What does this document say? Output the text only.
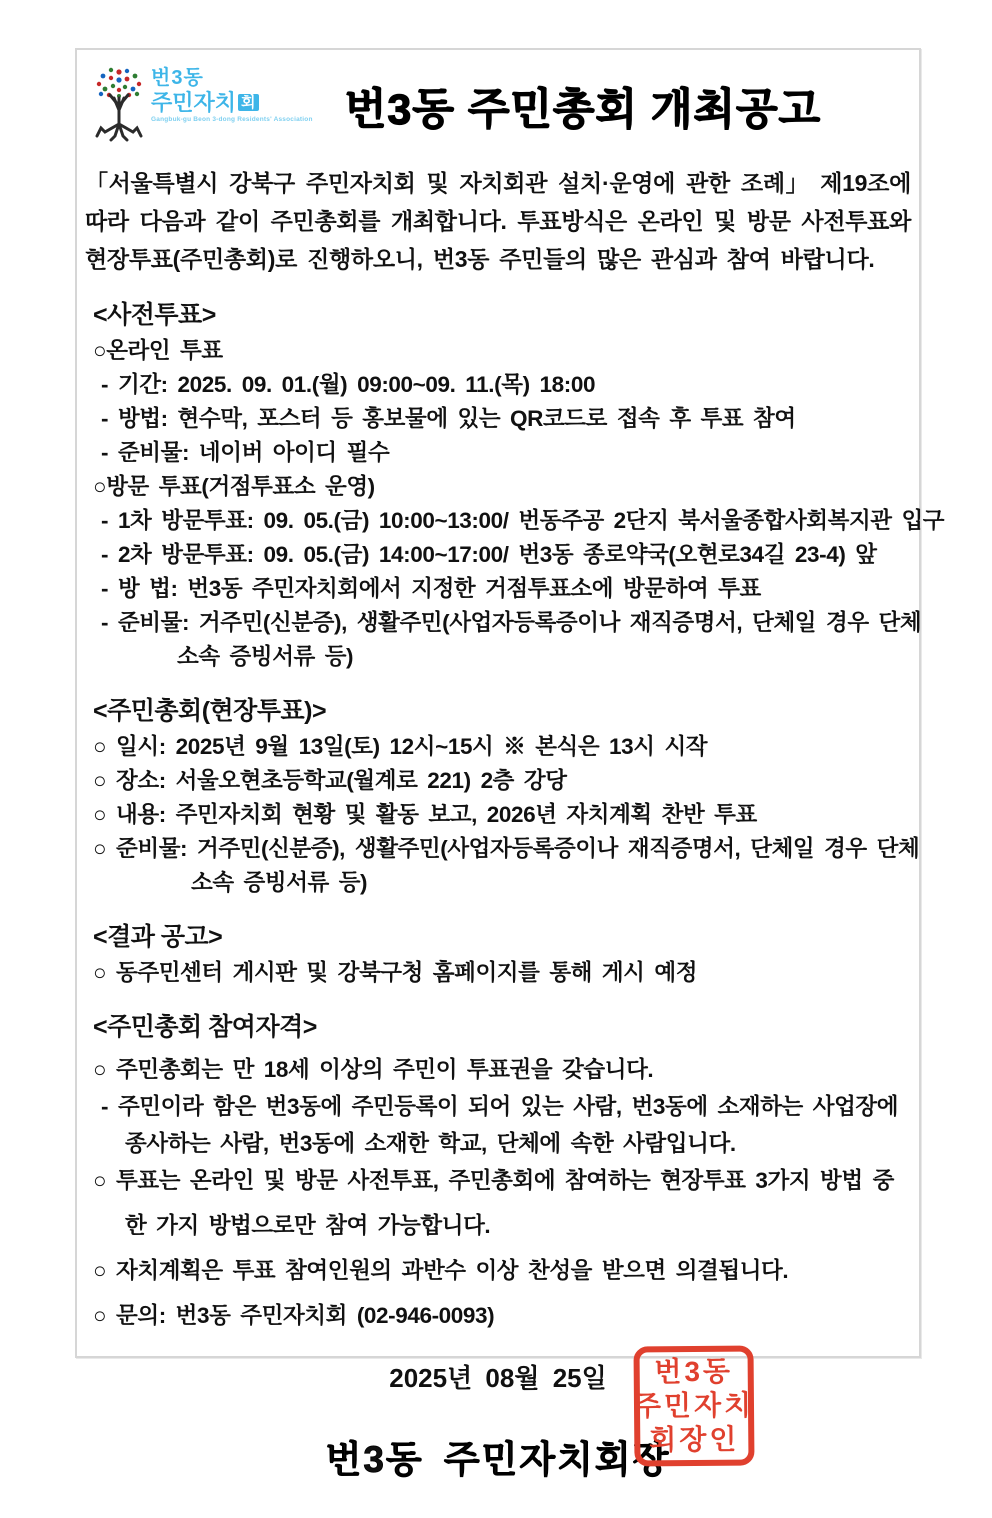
번3동
주민자치 회
Gangbuk-gu Beon 3-dong Residents' Association 번3동 주민총회 개최공고
「서울특별시 강북구 주민자치회 및 자치회관 설치·운영에 관한 조례」 제19조에 따라 다음과 같이 주민총회를 개최합니다. 투표방식은 온라인 및 방문 사전투표와 현장투표(주민총회)로 진행하오니, 번3동 주민들의 많은 관심과 참여 바랍니다.
<사전투표>
○온라인 투표
- 기간: 2025. 09. 01.(월) 09:00~09. 11.(목) 18:00
- 방법: 현수막, 포스터 등 홍보물에 있는 QR코드로 접속 후 투표 참여
- 준비물: 네이버 아이디 필수
○방문 투표(거점투표소 운영)
- 1차 방문투표: 09. 05.(금) 10:00~13:00/ 번동주공 2단지 북서울종합사회복지관 입구
- 2차 방문투표: 09. 05.(금) 14:00~17:00/ 번3동 종로약국(오현로34길 23-4) 앞
- 방 법: 번3동 주민자치회에서 지정한 거점투표소에 방문하여 투표
- 준비물: 거주민(신분증), 생활주민(사업자등록증이나 재직증명서, 단체일 경우 단체
소속 증빙서류 등)
<주민총회(현장투표)>
○ 일시: 2025년 9월 13일(토) 12시~15시 ※ 본식은 13시 시작
○ 장소: 서울오현초등학교(월계로 221) 2층 강당
○ 내용: 주민자치회 현황 및 활동 보고, 2026년 자치계획 찬반 투표
○ 준비물: 거주민(신분증), 생활주민(사업자등록증이나 재직증명서, 단체일 경우 단체
소속 증빙서류 등)
<결과 공고>
○ 동주민센터 게시판 및 강북구청 홈페이지를 통해 게시 예정
<주민총회 참여자격>
○ 주민총회는 만 18세 이상의 주민이 투표권을 갖습니다.
- 주민이라 함은 번3동에 주민등록이 되어 있는 사람, 번3동에 소재하는 사업장에
종사하는 사람, 번3동에 소재한 학교, 단체에 속한 사람입니다.
○ 투표는 온라인 및 방문 사전투표, 주민총회에 참여하는 현장투표 3가지 방법 중
한 가지 방법으로만 참여 가능합니다.
○ 자치계획은 투표 참여인원의 과반수 이상 찬성을 받으면 의결됩니다.
○ 문의: 번3동 주민자치회 (02-946-0093)
2025년 08월 25일
번3동 주민자치회장
번3동
주민자치
회장인
